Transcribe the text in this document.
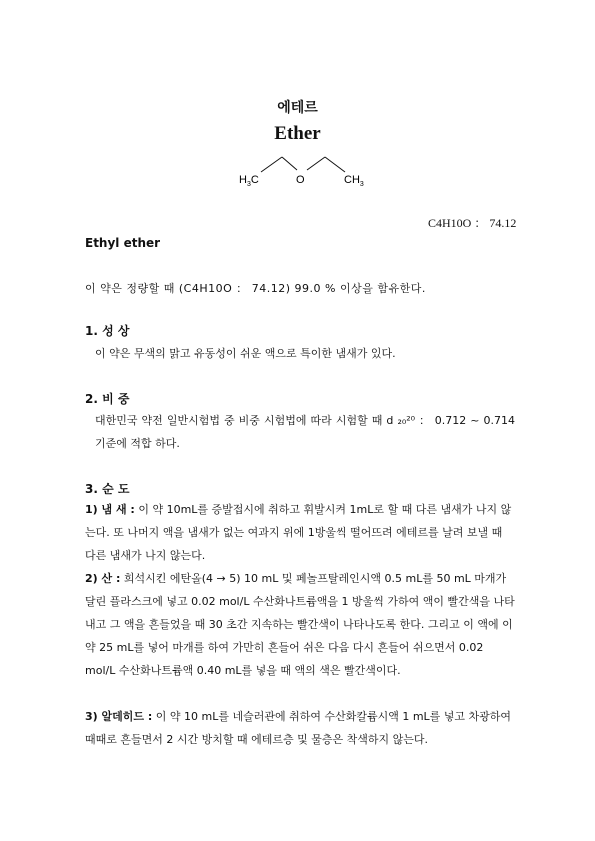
에테르
Ether
$H_3C$	O	$CH_3$
C4H10O ： 74.12
Ethyl ether
이 약은 정량할 때 (C4H10O ： 74.12) 99.0 % 이상을 함유한다.
1. 성 상
이 약은 무색의 맑고 유동성이 쉬운 액으로 특이한 냄새가 있다.
2. 비 중
대한민국 약전 일반시험법 중 비중 시험법에 따라 시험할 때 d ₂₀²⁰ ： 0.712 ~ 0.714 기준에 적합 하다.
3. 순 도
1) 냄 새 : 이 약 10mL를 증발접시에 취하고 휘발시켜 1mL로 할 때 다른 냄새가 나지 않는다. 또 나머지 액을 냄새가 없는 여과지 위에 1방울씩 떨어뜨려 에테르를 날려 보낼 때 다른 냄새가 나지 않는다.
2) 산 : 희석시킨 에탄올(4 → 5) 10 mL 및 페놀프탈레인시액 0.5 mL를 50 mL 마개가 달린 플라스크에 넣고 0.02 mol/L 수산화나트륨액을 1 방울씩 가하여 액이 빨간색을 나타내고 그 액을 흔들었을 때 30 초간 지속하는 빨간색이 나타나도록 한다. 그리고 이 액에 이 약 25 mL를 넣어 마개를 하여 가만히 흔들어 쉬은 다음 다시 흔들어 쉬으면서 0.02 mol/L 수산화나트륨액 0.40 mL를 넣을 때 액의 색은 빨간색이다.
3) 알데히드 : 이 약 10 mL를 네슬러관에 취하여 수산화칼륨시액 1 mL를 넣고 차광하여 때때로 흔들면서 2 시간 방치할 때 에테르층 및 물층은 착색하지 않는다.
